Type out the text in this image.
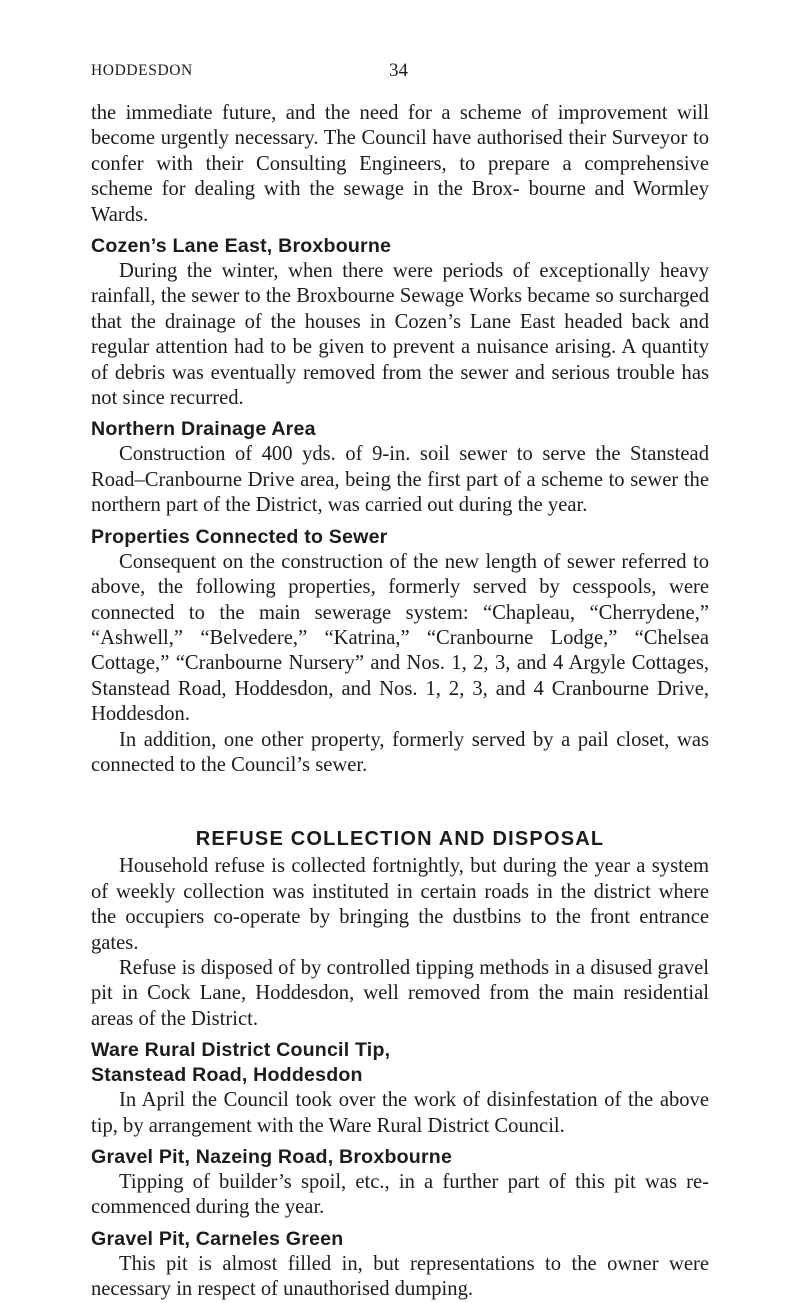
HODDESDON	34

the immediate future, and the need for a scheme of improvement will become urgently necessary. The Council have authorised their Surveyor to confer with their Consulting Engineers, to prepare a comprehensive scheme for dealing with the sewage in the Brox- bourne and Wormley Wards.

Cozen’s Lane East, Broxbourne

During the winter, when there were periods of exceptionally heavy rainfall, the sewer to the Broxbourne Sewage Works became so surcharged that the drainage of the houses in Cozen’s Lane East headed back and regular attention had to be given to prevent a nuisance arising. A quantity of debris was eventually removed from the sewer and serious trouble has not since recurred.

Northern Drainage Area

Construction of 400 yds. of 9-in. soil sewer to serve the Stanstead Road–Cranbourne Drive area, being the first part of a scheme to sewer the northern part of the District, was carried out during the year.

Properties Connected to Sewer

Consequent on the construction of the new length of sewer referred to above, the following properties, formerly served by cesspools, were connected to the main sewerage system: “Chapleau, “Cherrydene,” “Ashwell,” “Belvedere,” “Katrina,” “Cranbourne Lodge,” “Chelsea Cottage,” “Cranbourne Nursery” and Nos. 1, 2, 3, and 4 Argyle Cottages, Stanstead Road, Hoddesdon, and Nos. 1, 2, 3, and 4 Cranbourne Drive, Hoddesdon.

In addition, one other property, formerly served by a pail closet, was connected to the Council’s sewer.

REFUSE COLLECTION AND DISPOSAL

Household refuse is collected fortnightly, but during the year a system of weekly collection was instituted in certain roads in the district where the occupiers co-operate by bringing the dustbins to the front entrance gates.

Refuse is disposed of by controlled tipping methods in a disused gravel pit in Cock Lane, Hoddesdon, well removed from the main residential areas of the District.

Ware Rural District Council Tip,
Stanstead Road, Hoddesdon

In April the Council took over the work of disinfestation of the above tip, by arrangement with the Ware Rural District Council.

Gravel Pit, Nazeing Road, Broxbourne

Tipping of builder’s spoil, etc., in a further part of this pit was re-commenced during the year.

Gravel Pit, Carneles Green

This pit is almost filled in, but representations to the owner were necessary in respect of unauthorised dumping.
